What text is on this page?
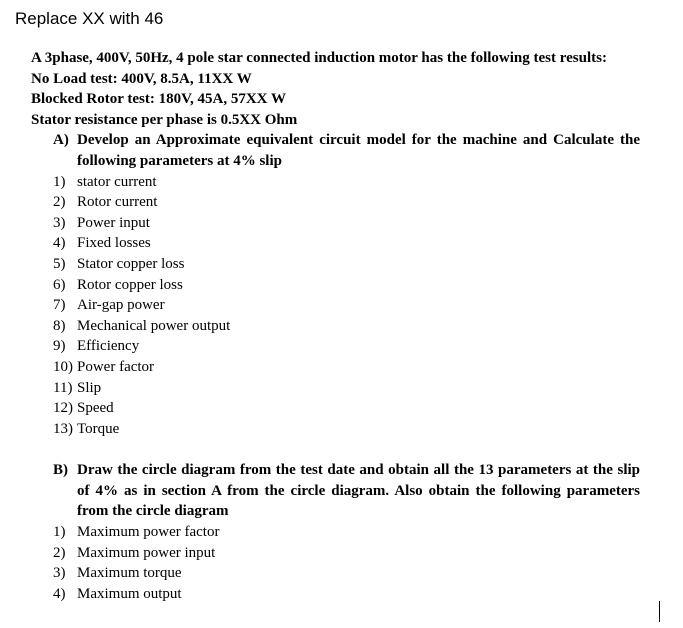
Replace XX with 46
A 3phase, 400V, 50Hz, 4 pole star connected induction motor has the following test results:
No Load test: 400V, 8.5A, 11XX W
Blocked Rotor test: 180V, 45A, 57XX W
Stator resistance per phase is 0.5XX Ohm
A) Develop an Approximate equivalent circuit model for the machine and Calculate the following parameters at 4% slip
1) stator current
2) Rotor current
3) Power input
4) Fixed losses
5) Stator copper loss
6) Rotor copper loss
7) Air-gap power
8) Mechanical power output
9) Efficiency
10) Power factor
11) Slip
12) Speed
13) Torque
B) Draw the circle diagram from the test date and obtain all the 13 parameters at the slip of 4% as in section A from the circle diagram. Also obtain the following parameters from the circle diagram
1) Maximum power factor
2) Maximum power input
3) Maximum torque
4) Maximum output
